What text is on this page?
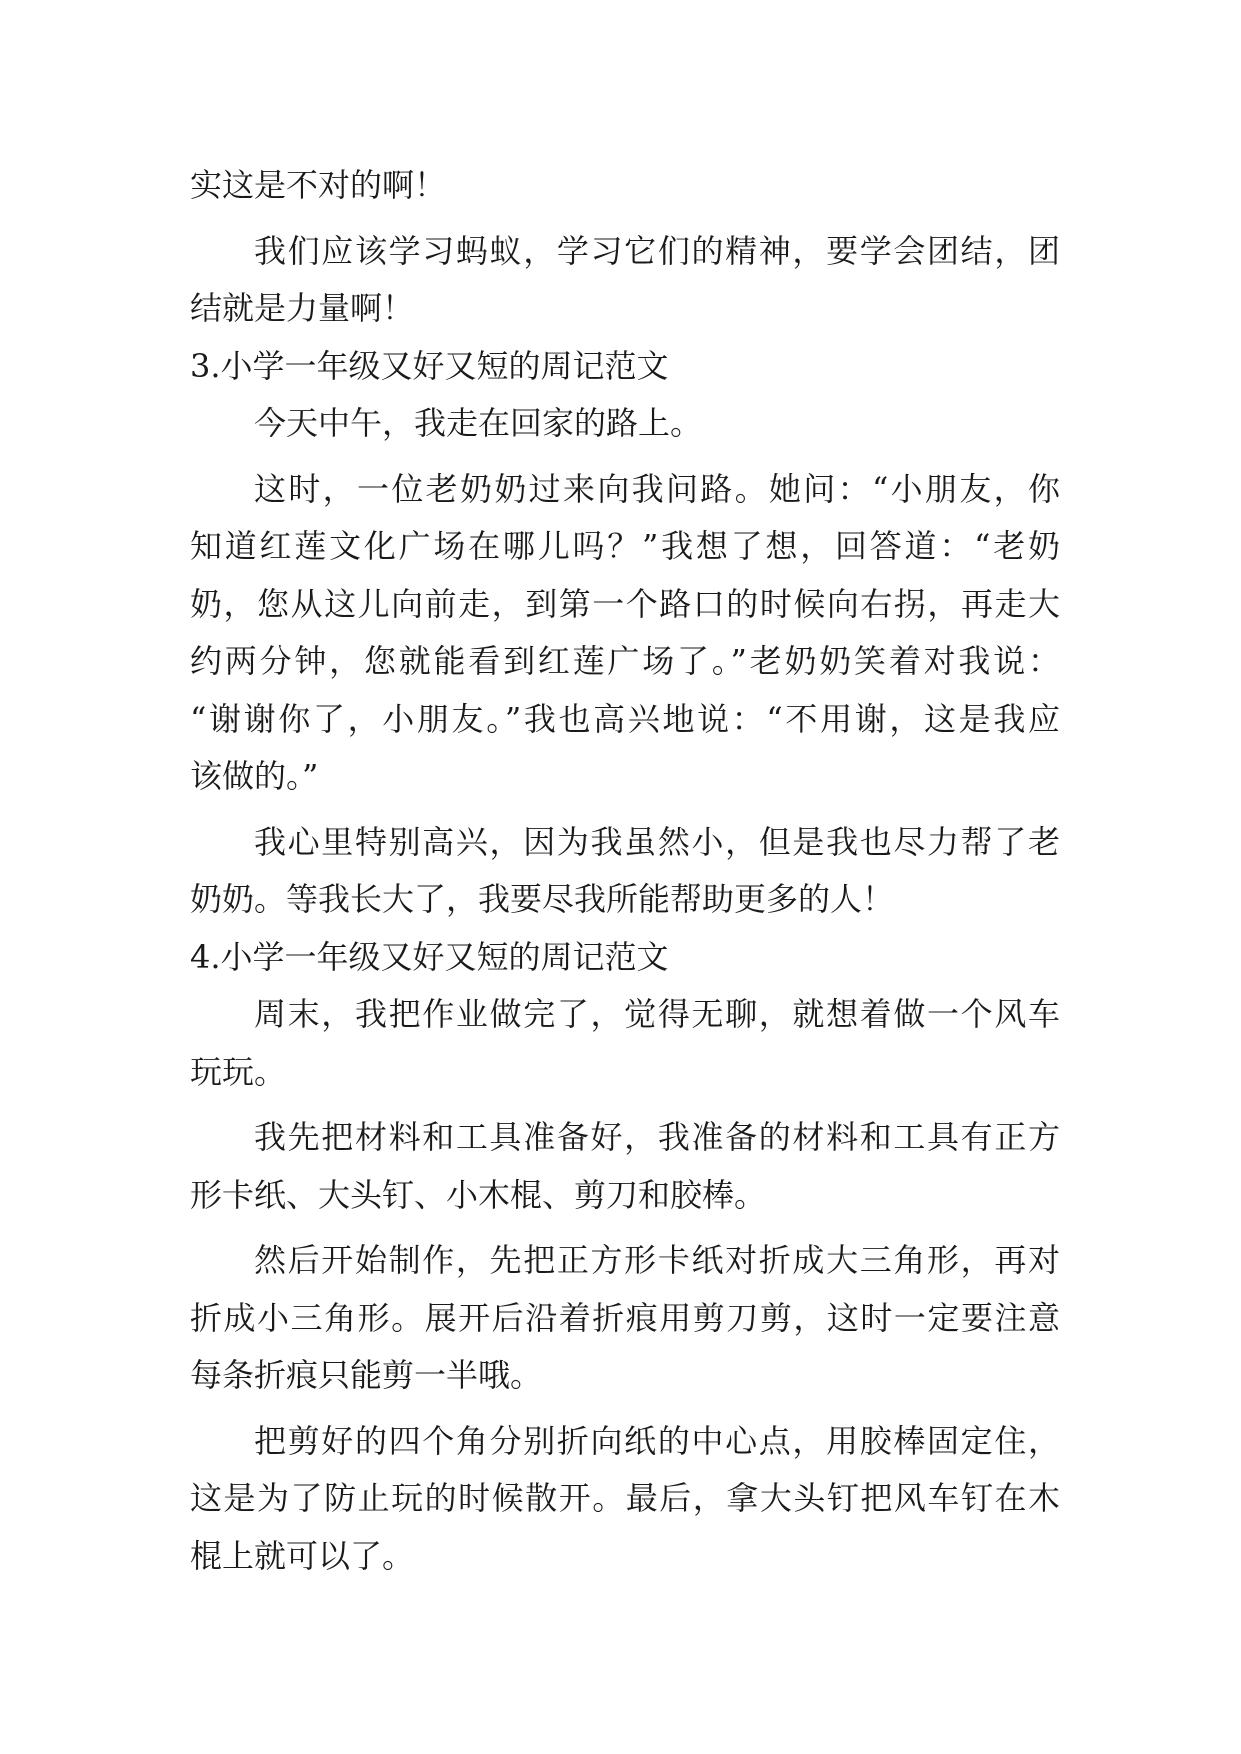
实这是不对的啊！
我们应该学习蚂蚁，学习它们的精神，要学会团结，团
结就是力量啊！
3.小学一年级又好又短的周记范文
今天中午，我走在回家的路上。
这时，一位老奶奶过来向我问路。她问：“小朋友，你
知道红莲文化广场在哪儿吗？”我想了想，回答道：“老奶
奶，您从这儿向前走，到第一个路口的时候向右拐，再走大
约两分钟，您就能看到红莲广场了。”老奶奶笑着对我说：
“谢谢你了，小朋友。”我也高兴地说：“不用谢，这是我应
该做的。”
我心里特别高兴，因为我虽然小，但是我也尽力帮了老
奶奶。等我长大了，我要尽我所能帮助更多的人！
4.小学一年级又好又短的周记范文
周末，我把作业做完了，觉得无聊，就想着做一个风车
玩玩。
我先把材料和工具准备好，我准备的材料和工具有正方
形卡纸、大头钉、小木棍、剪刀和胶棒。
然后开始制作，先把正方形卡纸对折成大三角形，再对
折成小三角形。展开后沿着折痕用剪刀剪，这时一定要注意
每条折痕只能剪一半哦。
把剪好的四个角分别折向纸的中心点，用胶棒固定住，
这是为了防止玩的时候散开。最后，拿大头钉把风车钉在木
棍上就可以了。
